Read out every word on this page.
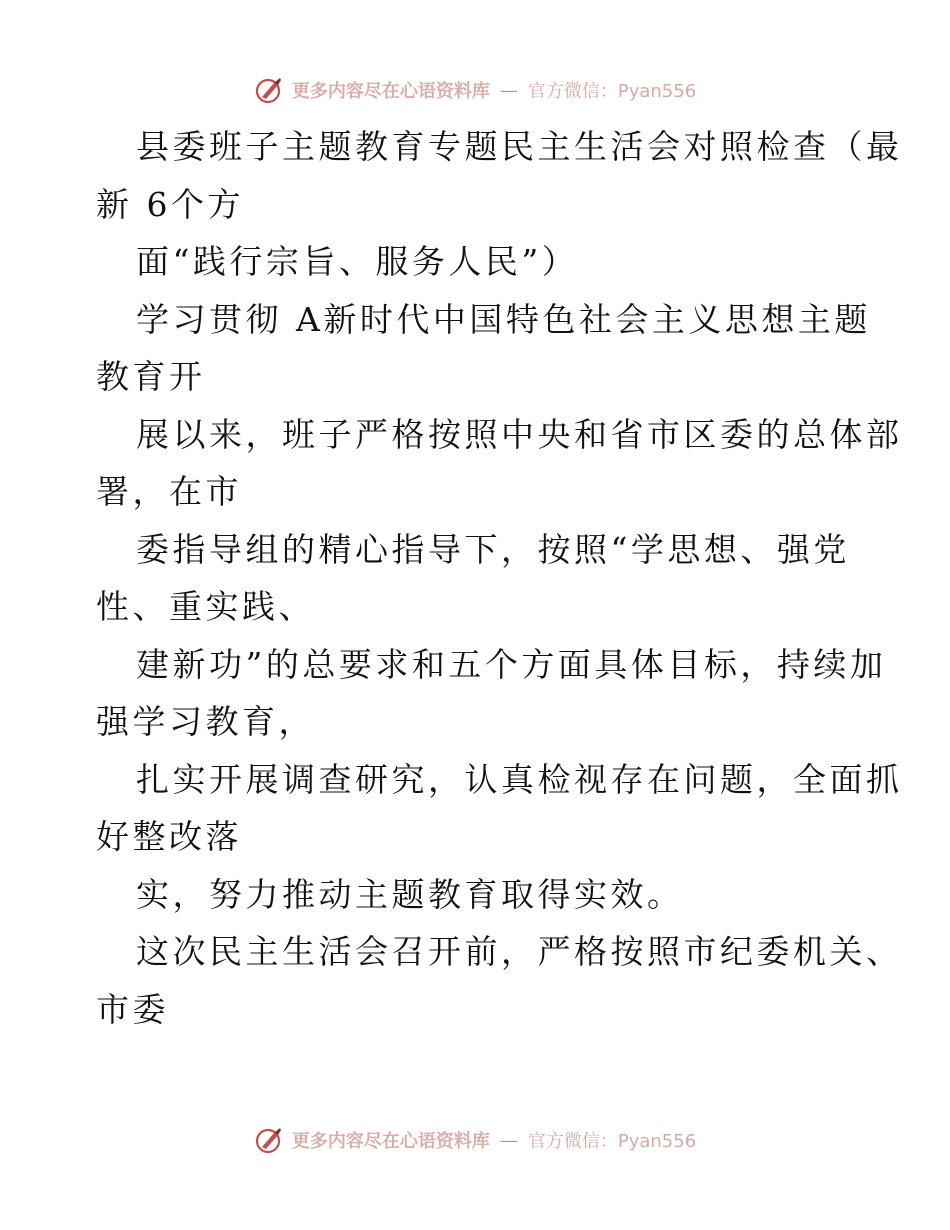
更多内容尽在心语资料库 — 官方微信：Pyan556
县委班子主题教育专题民主生活会对照检查（最
新 6个方
面“践行宗旨、服务人民”）
学习贯彻 A新时代中国特色社会主义思想主题
教育开
展以来，班子严格按照中央和省市区委的总体部
署，在市
委指导组的精心指导下，按照“学思想、强党
性、重实践、
建新功”的总要求和五个方面具体目标，持续加
强学习教育，
扎实开展调查研究，认真检视存在问题，全面抓
好整改落
实，努力推动主题教育取得实效。
这次民主生活会召开前，严格按照市纪委机关、
市委
更多内容尽在心语资料库 — 官方微信：Pyan556
